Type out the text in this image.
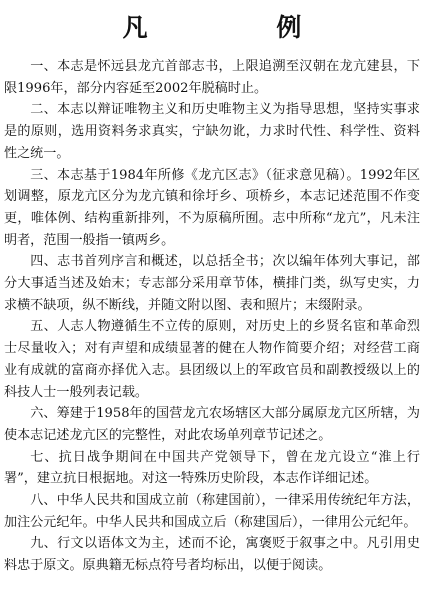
凡 例

一、本志是怀远县龙亢首部志书，上限追溯至汉朝在龙亢建县，下限1996年，部分内容延至2002年脱稿时止。

二、本志以辩证唯物主义和历史唯物主义为指导思想，坚持实事求是的原则，选用资料务求真实，宁缺勿讹，力求时代性、科学性、资料性之统一。

三、本志基于1984年所修《龙亢区志》（征求意见稿）。1992年区划调整，原龙亢区分为龙亢镇和徐圩乡、项桥乡，本志记述范围不作变更，唯体例、结构重新排列，不为原稿所囿。志中所称“龙亢”，凡未注明者，范围一般指一镇两乡。

四、志书首列序言和概述，以总括全书；次以编年体列大事记，部分大事适当述及始末；专志部分采用章节体，横排门类，纵写史实，力求横不缺项，纵不断线，并随文附以图、表和照片；末缀附录。

五、人志人物遵循生不立传的原则，对历史上的乡贤名宦和革命烈士尽量收入；对有声望和成绩显著的健在人物作简要介绍；对经营工商业有成就的富商亦择优入志。县团级以上的军政官员和副教授级以上的科技人士一般列表记载。

六、筹建于1958年的国营龙亢农场辖区大部分属原龙亢区所辖，为使本志记述龙亢区的完整性，对此农场单列章节记述之。

七、抗日战争期间在中国共产党领导下，曾在龙亢设立“淮上行署”，建立抗日根据地。对这一特殊历史阶段，本志作详细记述。

八、中华人民共和国成立前（称建国前），一律采用传统纪年方法，加注公元纪年。中华人民共和国成立后（称建国后），一律用公元纪年。

九、行文以语体文为主，述而不论，寓褒贬于叙事之中。凡引用史料忠于原文。原典籍无标点符号者均标出，以便于阅读。
